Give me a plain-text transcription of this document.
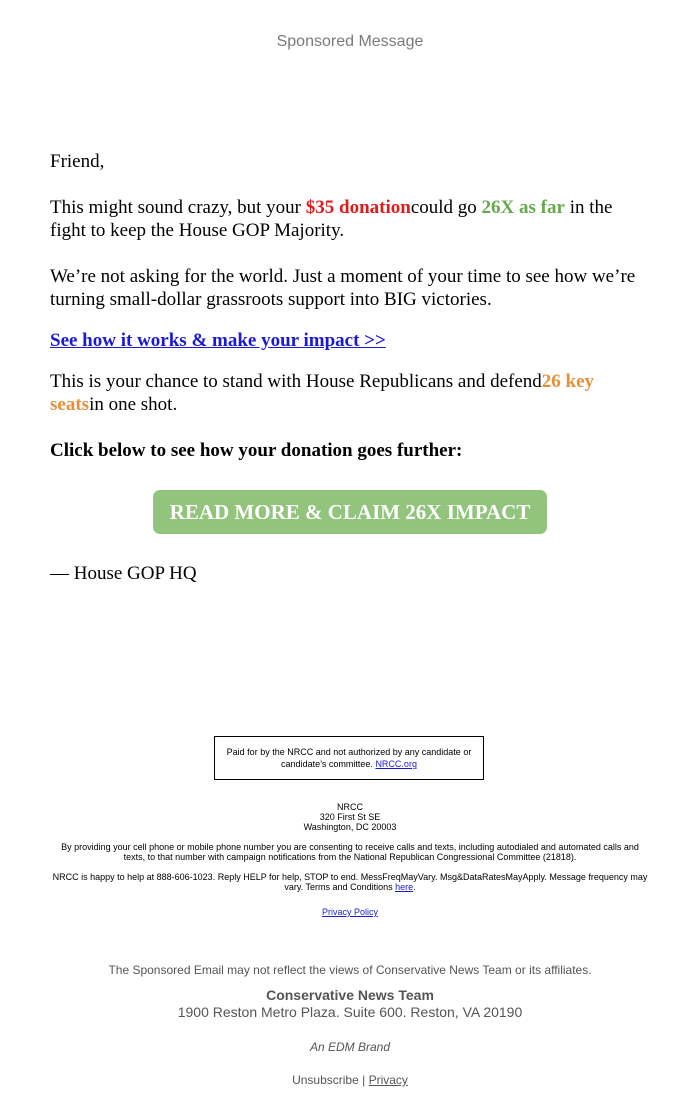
Sponsored Message
Friend,
This might sound crazy, but your $35 donationcould go 26X as far in the fight to keep the House GOP Majority.
We’re not asking for the world. Just a moment of your time to see how we’re turning small-dollar grassroots support into BIG victories.
See how it works & make your impact >>
This is your chance to stand with House Republicans and defend26 key seatsin one shot.
Click below to see how your donation goes further:
READ MORE & CLAIM 26X IMPACT
— House GOP HQ
Paid for by the NRCC and not authorized by any candidate or candidate’s committee. NRCC.org
NRCC
320 First St SE
Washington, DC 20003
By providing your cell phone or mobile phone number you are consenting to receive calls and texts, including autodialed and automated calls and texts, to that number with campaign notifications from the National Republican Congressional Committee (21818).
NRCC is happy to help at 888-606-1023. Reply HELP for help, STOP to end. MessFreqMayVary. Msg&DataRatesMayApply. Message frequency may vary. Terms and Conditions here.
Privacy Policy
The Sponsored Email may not reflect the views of Conservative News Team or its affiliates.
Conservative News Team
1900 Reston Metro Plaza. Suite 600. Reston, VA 20190
An EDM Brand
Unsubscribe | Privacy
